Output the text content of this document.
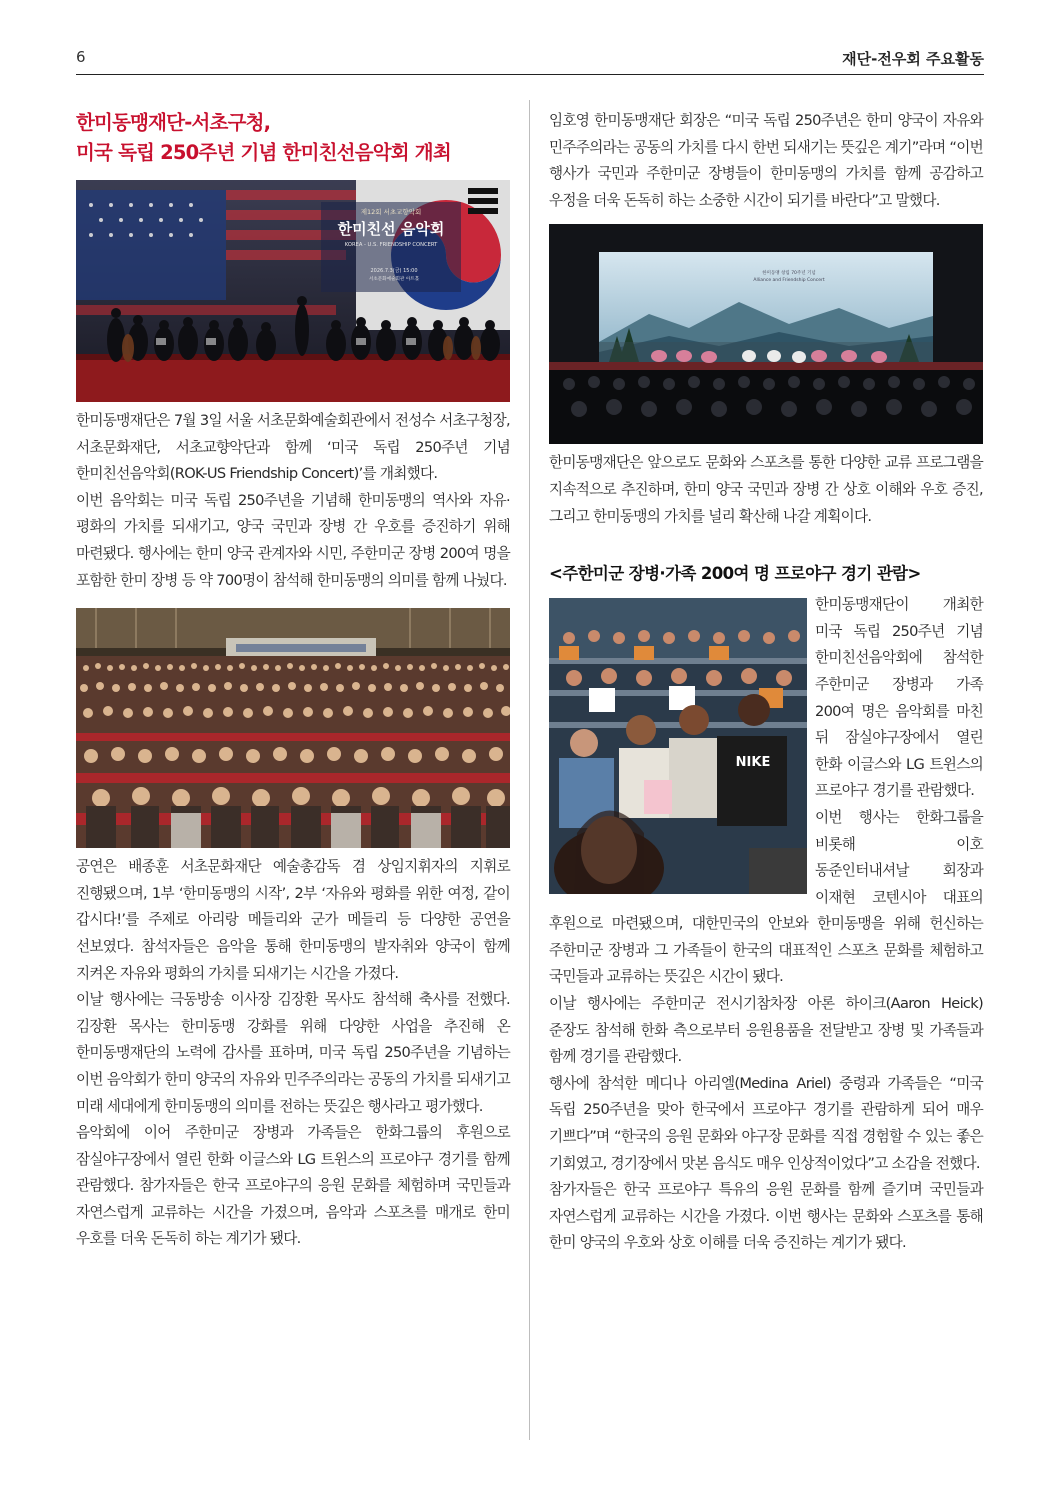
6	재단-전우회 주요활동
한미동맹재단-서초구청,
미국 독립 250주년 기념 한미친선음악회 개최
제12회 서초교향악회
한미친선 음악회
KOREA - U.S. FRIENDSHIP CONCERT
2026.7.3(금) 15:00
서초문화예술회관 아트홀

한미동맹재단은 7월 3일 서울 서초문화예술회관에서 전성수 서초구청장, 서초문화재단, 서초교향악단과 함께 ‘미국 독립 250주년 기념 한미친선음악회(ROK-US Friendship Concert)’를 개최했다.

이번 음악회는 미국 독립 250주년을 기념해 한미동맹의 역사와 자유·평화의 가치를 되새기고, 양국 국민과 장병 간 우호를 증진하기 위해 마련됐다. 행사에는 한미 양국 관계자와 시민, 주한미군 장병 200여 명을 포함한 한미 장병 등 약 700명이 참석해 한미동맹의 의미를 함께 나눴다.

공연은 배종훈 서초문화재단 예술총감독 겸 상임지휘자의 지휘로 진행됐으며, 1부 ‘한미동맹의 시작’, 2부 ‘자유와 평화를 위한 여정, 같이 갑시다!’를 주제로 아리랑 메들리와 군가 메들리 등 다양한 공연을 선보였다. 참석자들은 음악을 통해 한미동맹의 발자취와 양국이 함께 지켜온 자유와 평화의 가치를 되새기는 시간을 가졌다.

이날 행사에는 극동방송 이사장 김장환 목사도 참석해 축사를 전했다. 김장환 목사는 한미동맹 강화를 위해 다양한 사업을 추진해 온 한미동맹재단의 노력에 감사를 표하며, 미국 독립 250주년을 기념하는 이번 음악회가 한미 양국의 자유와 민주주의라는 공동의 가치를 되새기고 미래 세대에게 한미동맹의 의미를 전하는 뜻깊은 행사라고 평가했다.

음악회에 이어 주한미군 장병과 가족들은 한화그룹의 후원으로 잠실야구장에서 열린 한화 이글스와 LG 트윈스의 프로야구 경기를 함께 관람했다. 참가자들은 한국 프로야구의 응원 문화를 체험하며 국민들과 자연스럽게 교류하는 시간을 가졌으며, 음악과 스포츠를 매개로 한미 우호를 더욱 돈독히 하는 계기가 됐다.

임호영 한미동맹재단 회장은 “미국 독립 250주년은 한미 양국이 자유와 민주주의라는 공동의 가치를 다시 한번 되새기는 뜻깊은 계기”라며 “이번 행사가 국민과 주한미군 장병들이 한미동맹의 가치를 함께 공감하고 우정을 더욱 돈독히 하는 소중한 시간이 되기를 바란다”고 말했다.

한미동맹 창립 70주년 기념
Alliance and Friendship Concert

한미동맹재단은 앞으로도 문화와 스포츠를 통한 다양한 교류 프로그램을 지속적으로 추진하며, 한미 양국 국민과 장병 간 상호 이해와 우호 증진, 그리고 한미동맹의 가치를 널리 확산해 나갈 계획이다.

<주한미군 장병·가족 200여 명 프로야구 경기 관람>
NIKE

한미동맹재단이 개최한 미국 독립 250주년 기념 한미친선음악회에 참석한 주한미군 장병과 가족 200여 명은 음악회를 마친 뒤 잠실야구장에서 열린 한화 이글스와 LG 트윈스의 프로야구 경기를 관람했다.

이번 행사는 한화그룹을 비롯해 이호 동준인터내셔날 회장과 이재현 코텐시아 대표의 후원으로 마련됐으며, 대한민국의 안보와 한미동맹을 위해 헌신하는 주한미군 장병과 그 가족들이 한국의 대표적인 스포츠 문화를 체험하고 국민들과 교류하는 뜻깊은 시간이 됐다.

이날 행사에는 주한미군 전시기참차장 아론 하이크(Aaron Heick) 준장도 참석해 한화 측으로부터 응원용품을 전달받고 장병 및 가족들과 함께 경기를 관람했다.

행사에 참석한 메디나 아리엘(Medina Ariel) 중령과 가족들은 “미국 독립 250주년을 맞아 한국에서 프로야구 경기를 관람하게 되어 매우 기쁘다”며 “한국의 응원 문화와 야구장 문화를 직접 경험할 수 있는 좋은 기회였고, 경기장에서 맛본 음식도 매우 인상적이었다”고 소감을 전했다.

참가자들은 한국 프로야구 특유의 응원 문화를 함께 즐기며 국민들과 자연스럽게 교류하는 시간을 가졌다. 이번 행사는 문화와 스포츠를 통해 한미 양국의 우호와 상호 이해를 더욱 증진하는 계기가 됐다.
